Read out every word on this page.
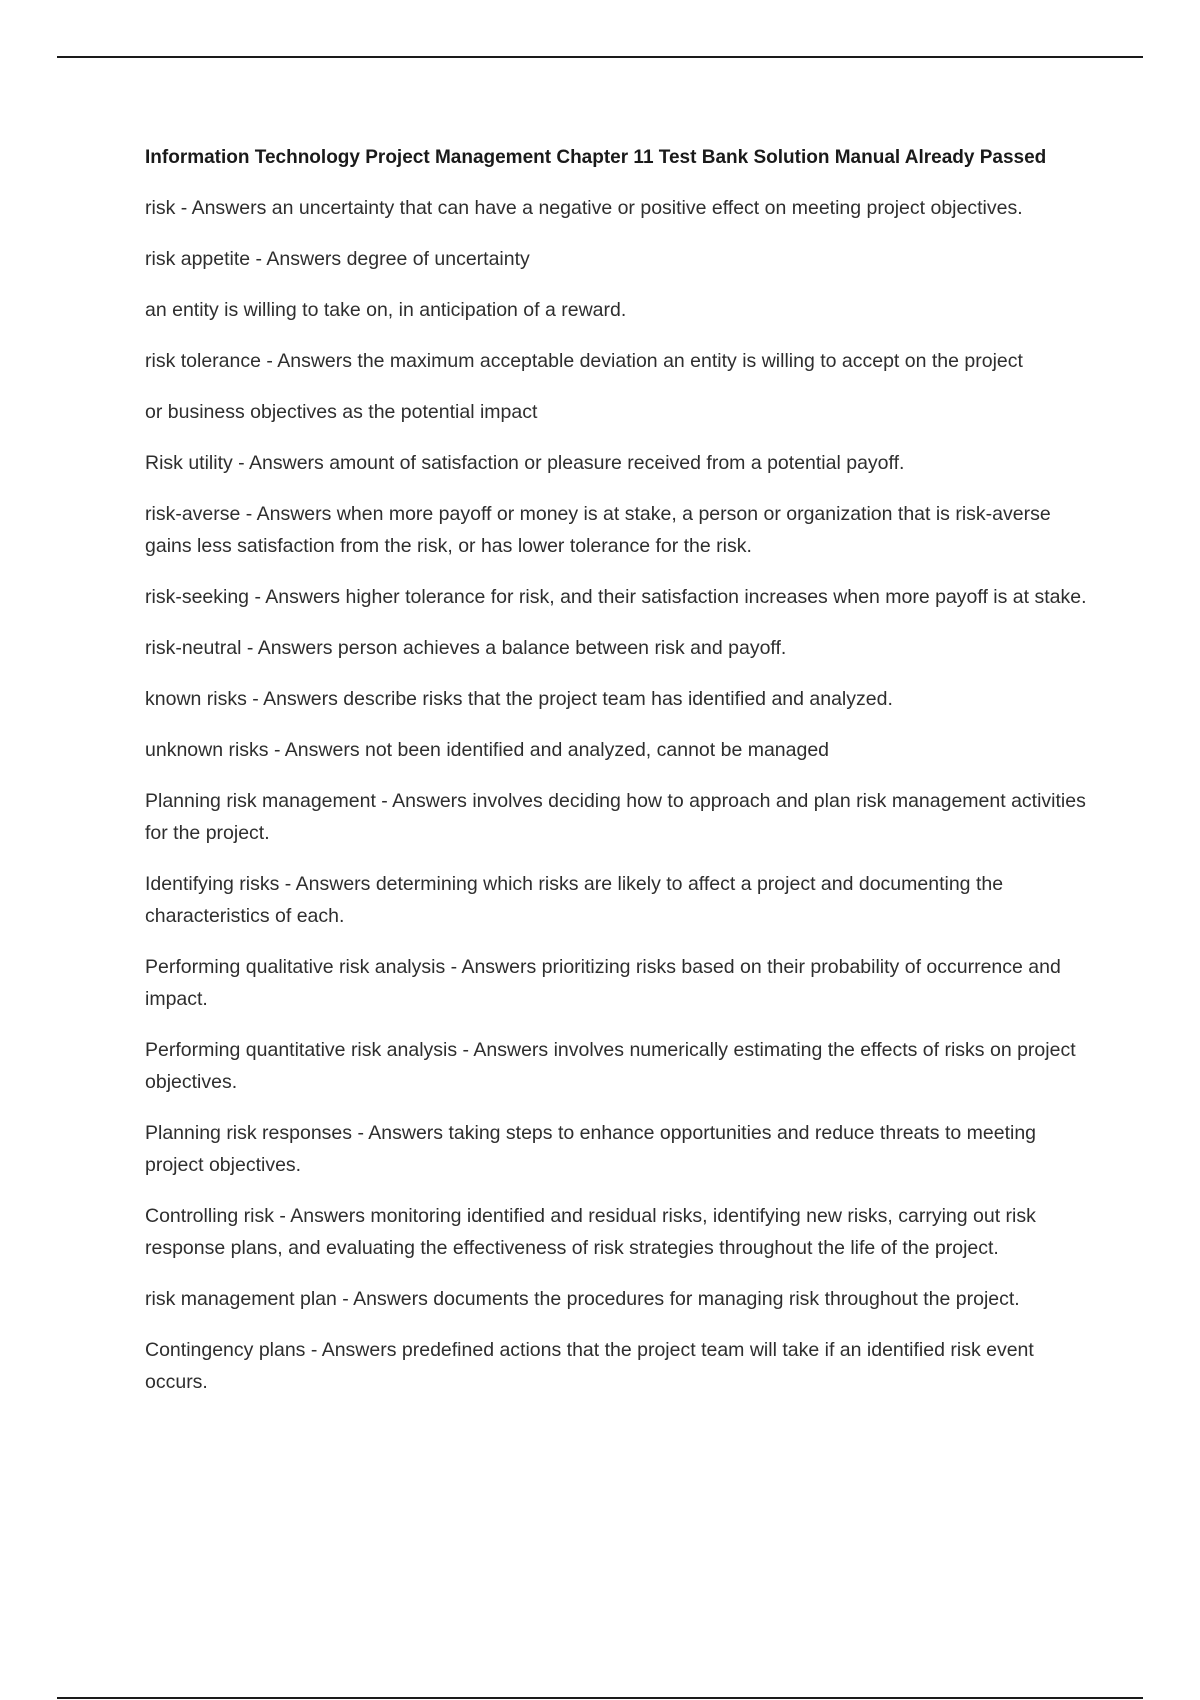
Information Technology Project Management Chapter 11 Test Bank Solution Manual Already Passed

risk - Answers an uncertainty that can have a negative or positive effect on meeting project objectives.

risk appetite - Answers degree of uncertainty

an entity is willing to take on, in anticipation of a reward.

risk tolerance - Answers the maximum acceptable deviation an entity is willing to accept on the project

or business objectives as the potential impact

Risk utility - Answers amount of satisfaction or pleasure received from a potential payoff.

risk-averse - Answers when more payoff or money is at stake, a person or organization that is risk-averse gains less satisfaction from the risk, or has lower tolerance for the risk.

risk-seeking - Answers higher tolerance for risk, and their satisfaction increases when more payoff is at stake.

risk-neutral - Answers person achieves a balance between risk and payoff.

known risks - Answers describe risks that the project team has identified and analyzed.

unknown risks - Answers not been identified and analyzed, cannot be managed

Planning risk management - Answers involves deciding how to approach and plan risk management activities for the project.

Identifying risks - Answers determining which risks are likely to affect a project and documenting the characteristics of each.

Performing qualitative risk analysis - Answers prioritizing risks based on their probability of occurrence and impact.

Performing quantitative risk analysis - Answers involves numerically estimating the effects of risks on project objectives.

Planning risk responses - Answers taking steps to enhance opportunities and reduce threats to meeting project objectives.

Controlling risk - Answers monitoring identified and residual risks, identifying new risks, carrying out risk response plans, and evaluating the effectiveness of risk strategies throughout the life of the project.

risk management plan - Answers documents the procedures for managing risk throughout the project.

Contingency plans - Answers predefined actions that the project team will take if an identified risk event occurs.
